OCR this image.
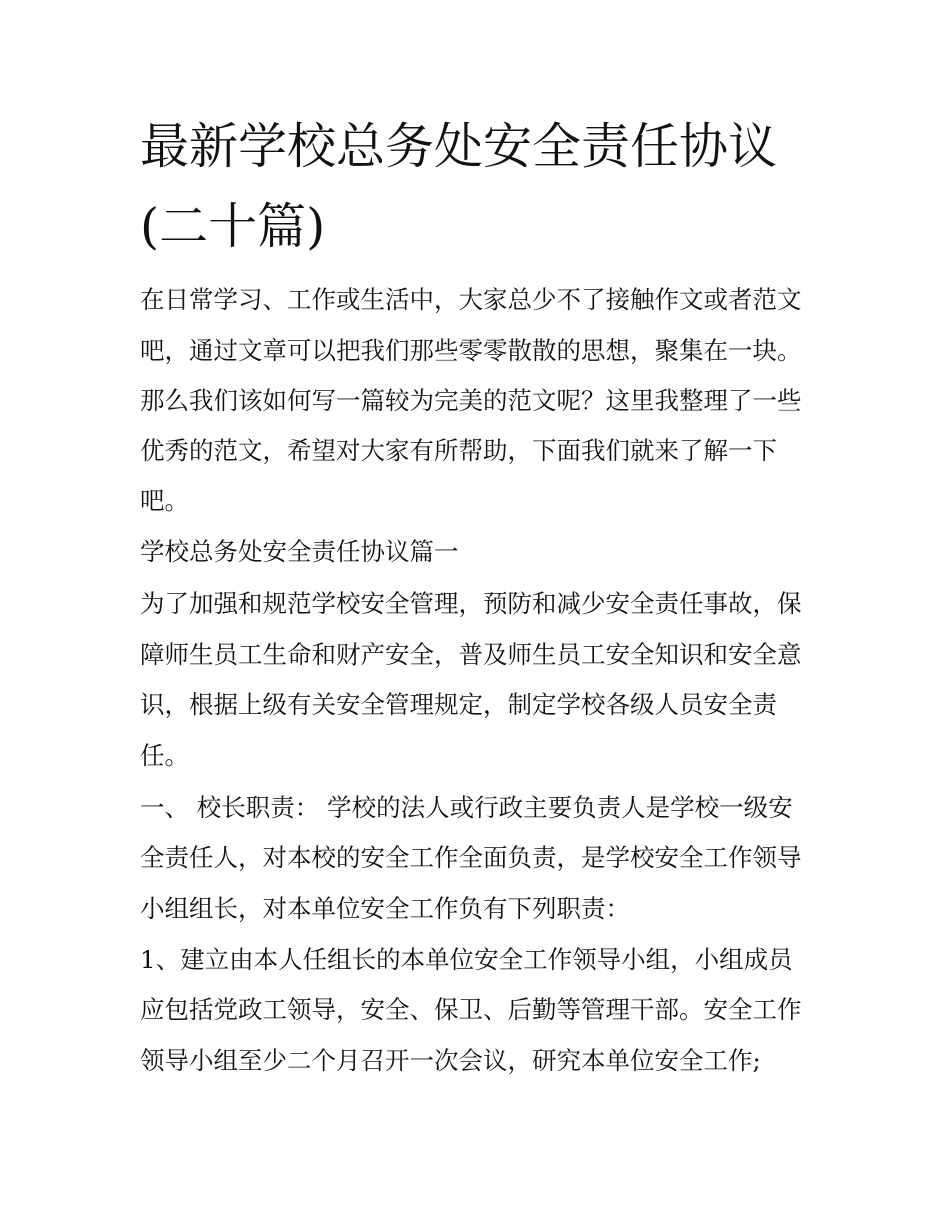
最新学校总务处安全责任协议
(二十篇)

在日常学习、工作或生活中，大家总少不了接触作文或者范文

吧，通过文章可以把我们那些零零散散的思想，聚集在一块。

那么我们该如何写一篇较为完美的范文呢？这里我整理了一些

优秀的范文，希望对大家有所帮助，下面我们就来了解一下

吧。

学校总务处安全责任协议篇一

为了加强和规范学校安全管理，预防和减少安全责任事故，保

障师生员工生命和财产安全，普及师生员工安全知识和安全意

识，根据上级有关安全管理规定，制定学校各级人员安全责

任。

一、 校长职责： 学校的法人或行政主要负责人是学校一级安

全责任人，对本校的安全工作全面负责，是学校安全工作领导

小组组长，对本单位安全工作负有下列职责：

1、建立由本人任组长的本单位安全工作领导小组，小组成员

应包括党政工领导，安全、保卫、后勤等管理干部。安全工作

领导小组至少二个月召开一次会议，研究本单位安全工作;
